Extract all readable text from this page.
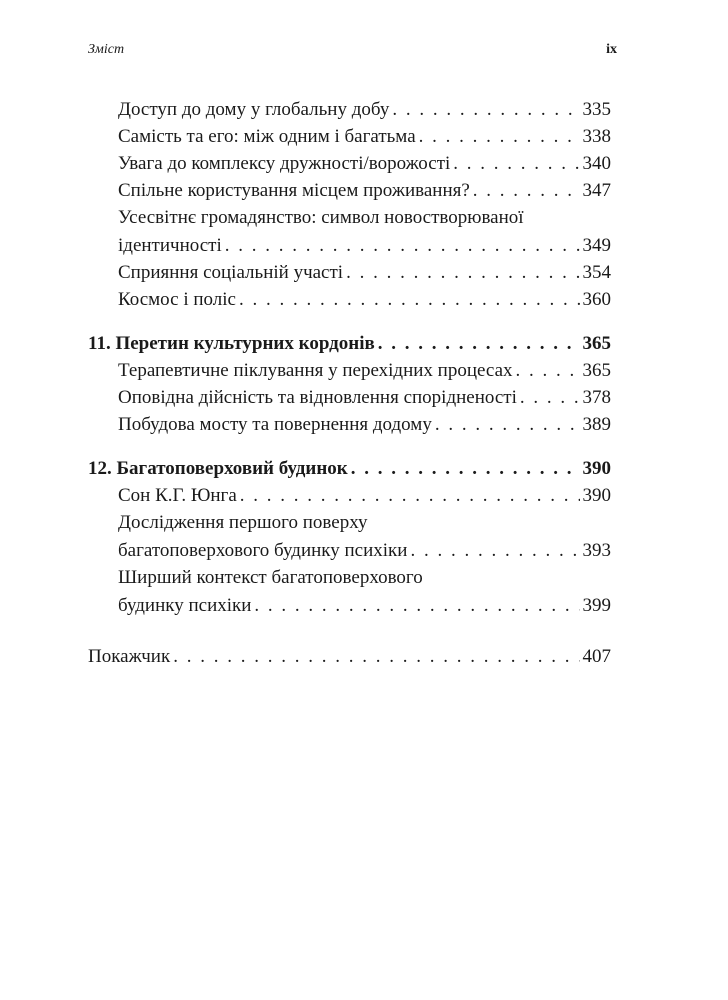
Зміст	ix
Доступ до дому у глобальну добу . . .	335
Самість та его: між одним і багатьма . . .	338
Увага до комплексу дружності/ворожості . . .	340
Спільне користування місцем проживання? . . .	347
Усесвітнє громадянство: символ новостворюваної
ідентичності . . .	349
Сприяння соціальній участі . . .	354
Космос і поліс . . .	360
11. Перетин культурних кордонів . . .	365
Терапевтичне піклування у перехідних процесах . . .	365
Оповідна дійсність та відновлення спорідненості . . .	378
Побудова мосту та повернення додому . . .	389
12. Багатоповерховий будинок . . .	390
Сон К.Г. Юнга . . .	390
Дослідження першого поверху
багатоповерхового будинку психіки . . .	393
Ширший контекст багатоповерхового
будинку психіки . . .	399
Покажчик . . .	407
